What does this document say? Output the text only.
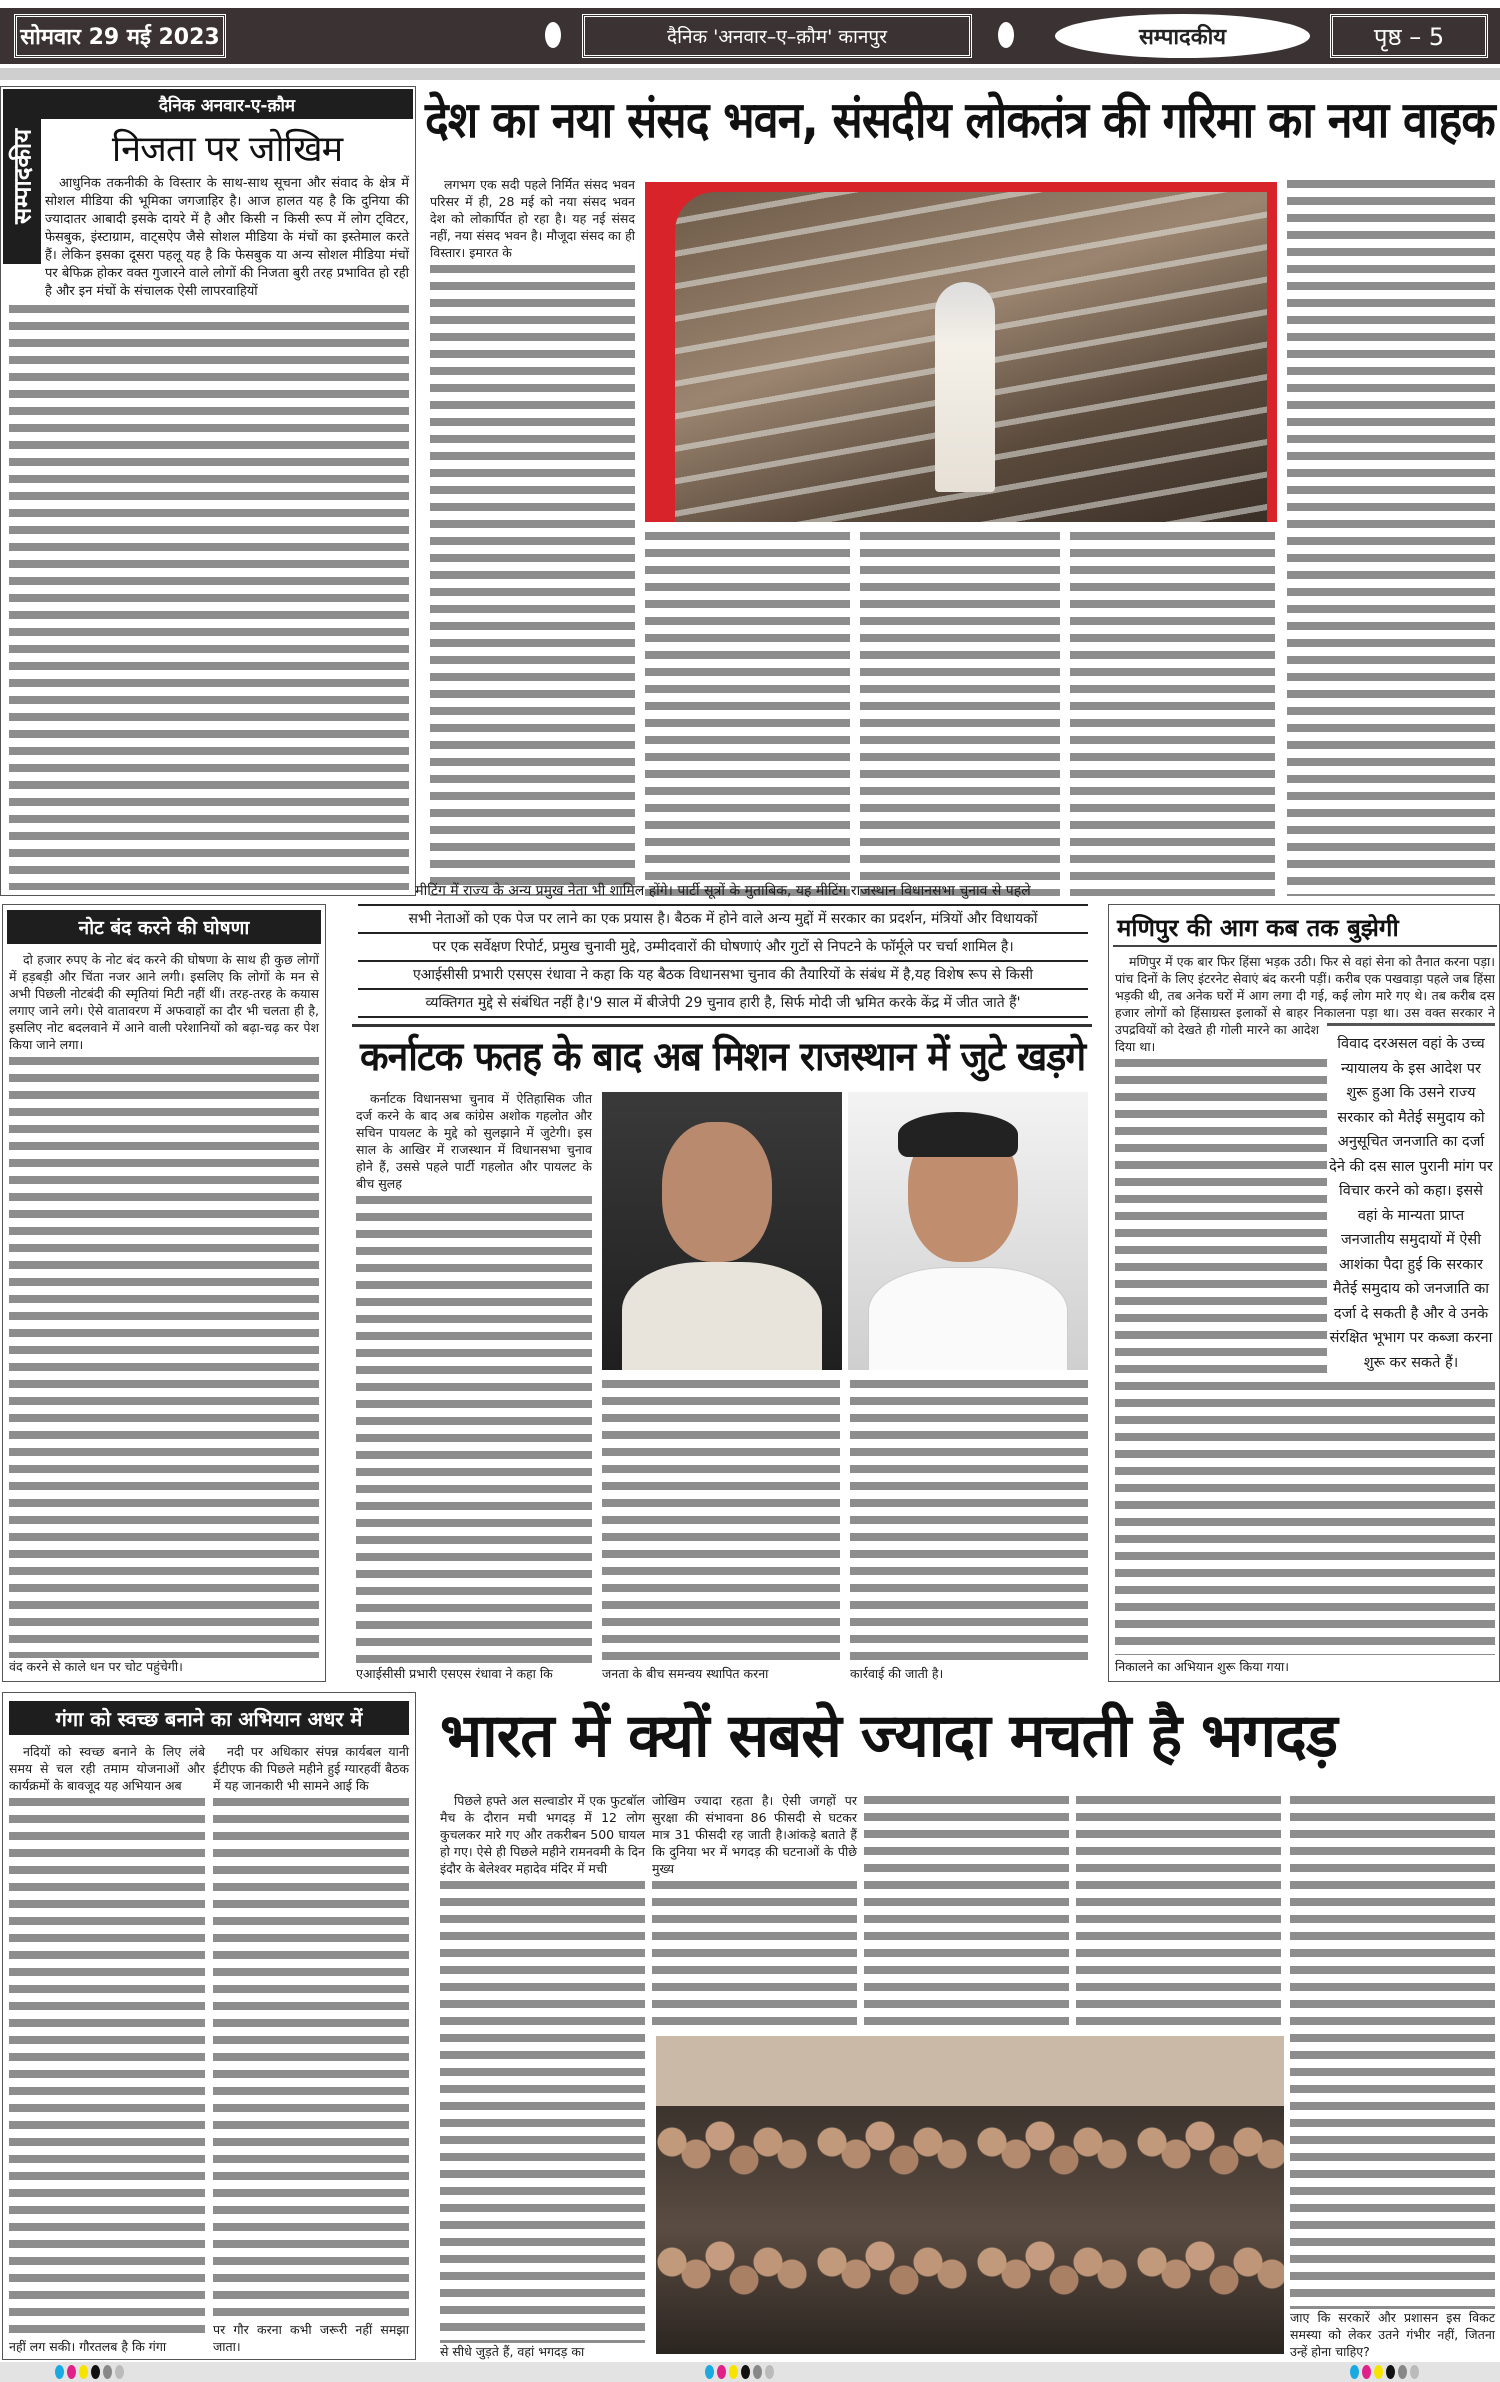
सोमवार 29 मई 2023	दैनिक 'अनवार–ए–क़ौम' कानपुर	सम्पादकीय	पृष्ठ – 5
दैनिक अनवार-ए-क़ौम
सम्पादकीय	निजता पर जोखिम

आधुनिक तकनीकी के विस्तार के साथ-साथ सूचना और संवाद के क्षेत्र में सोशल मीडिया की भूमिका जगजाहिर है। आज हालत यह है कि दुनिया की ज्यादातर आबादी इसके दायरे में है और किसी न किसी रूप में लोग ट्विटर, फेसबुक, इंस्टाग्राम, वाट्सऐप जैसे सोशल मीडिया के मंचों का इस्तेमाल करते हैं। लेकिन इसका दूसरा पहलू यह है कि फेसबुक या अन्य सोशल मीडिया मंचों पर बेफिक्र होकर वक्त गुजारने वाले लोगों की निजता बुरी तरह प्रभावित हो रही है और इन मंचों के संचालक ऐसी लापरवाहियों

देश का नया संसद भवन, संसदीय लोकतंत्र की गरिमा का नया वाहक

लगभग एक सदी पहले निर्मित संसद भवन परिसर में ही, 28 मई को नया संसद भवन देश को लोकार्पित हो रहा है। यह नई संसद नहीं, नया संसद भवन है। मौजूदा संसद का ही विस्तार। इमारत के

नोट बंद करने की घोषणा

दो हजार रुपए के नोट बंद करने की घोषणा के साथ ही कुछ लोगों में हड़बड़ी और चिंता नजर आने लगी। इसलिए कि लोगों के मन से अभी पिछली नोटबंदी की स्मृतियां मिटी नहीं थीं। तरह-तरह के कयास लगाए जाने लगे। ऐसे वातावरण में अफवाहों का दौर भी चलता ही है, इसलिए नोट बदलवाने में आने वाली परेशानियों को बढ़ा-चढ़ कर पेश किया जाने लगा।

वंद करने से काले धन पर चोट पहुंचेगी।

मीटिंग में राज्य के अन्य प्रमुख नेता भी शामिल होंगे। पार्टी सूत्रों के मुताबिक, यह मीटिंग राजस्थान विधानसभा चुनाव से पहले
सभी नेताओं को एक पेज पर लाने का एक प्रयास है। बैठक में होने वाले अन्य मुद्दों में सरकार का प्रदर्शन, मंत्रियों और विधायकों
पर एक सर्वेक्षण रिपोर्ट, प्रमुख चुनावी मुद्दे, उम्मीदवारों की घोषणाएं और गुटों से निपटने के फॉर्मूले पर चर्चा शामिल है।
एआईसीसी प्रभारी एसएस रंधावा ने कहा कि यह बैठक विधानसभा चुनाव की तैयारियों के संबंध में है,यह विशेष रूप से किसी
व्यक्तिगत मुद्दे से संबंधित नहीं है।'9 साल में बीजेपी 29 चुनाव हारी है, सिर्फ मोदी जी भ्रमित करके केंद्र में जीत जाते हैं'
कर्नाटक फतह के बाद अब मिशन राजस्थान में जुटे खड़गे

कर्नाटक विधानसभा चुनाव में ऐतिहासिक जीत दर्ज करने के बाद अब कांग्रेस अशोक गहलोत और सचिन पायलट के मुद्दे को सुलझाने में जुटेगी। इस साल के आखिर में राजस्थान में विधानसभा चुनाव होने हैं, उससे पहले पार्टी गहलोत और पायलट के बीच सुलह

एआईसीसी प्रभारी एसएस रंधावा ने कहा कि	जनता के बीच समन्वय स्थापित करना	कार्रवाई की जाती है।

मणिपुर की आग कब तक बुझेगी
विवाद दरअसल वहां के उच्च न्यायालय के इस आदेश पर शुरू हुआ कि उसने राज्य सरकार को मैतेई समुदाय को अनुसूचित जनजाति का दर्जा देने की दस साल पुरानी मांग पर विचार करने को कहा। इससे वहां के मान्यता प्राप्त जनजातीय समुदायों में ऐसी आशंका पैदा हुई कि सरकार मैतेई समुदाय को जनजाति का दर्जा दे सकती है और वे उनके संरक्षित भूभाग पर कब्जा करना शुरू कर सकते हैं।

मणिपुर में एक बार फिर हिंसा भड़क उठी। फिर से वहां सेना को तैनात करना पड़ा। पांच दिनों के लिए इंटरनेट सेवाएं बंद करनी पड़ीं। करीब एक पखवाड़ा पहले जब हिंसा भड़की थी, तब अनेक घरों में आग लगा दी गई, कई लोग मारे गए थे। तब करीब दस हजार लोगों को हिंसाग्रस्त इलाकों से बाहर निकालना पड़ा था। उस वक्त सरकार ने उपद्रवियों को देखते ही गोली मारने का आदेश दिया था।

निकालने का अभियान शुरू किया गया।

गंगा को स्वच्छ बनाने का अभियान अधर में

नदियों को स्वच्छ बनाने के लिए लंबे समय से चल रही तमाम योजनाओं और कार्यक्रमों के बावजूद यह अभियान अब

नहीं लग सकी। गौरतलब है कि गंगा

नदी पर अधिकार संपन्न कार्यबल यानी ईटीएफ की पिछले महीने हुई ग्यारहवीं बैठक में यह जानकारी भी सामने आई कि

पर गौर करना कभी जरूरी नहीं समझा जाता।

भारत में क्यों सबसे ज्यादा मचती है भगदड़

पिछले हफ्ते अल सल्वाडोर में एक फुटबॉल मैच के दौरान मची भगदड़ में 12 लोग कुचलकर मारे गए और तकरीबन 500 घायल हो गए। ऐसे ही पिछले महीने रामनवमी के दिन इंदौर के बेलेश्वर महादेव मंदिर में मची

से सीधे जुड़ते हैं, वहां भगदड़ का

जोखिम ज्यादा रहता है। ऐसी जगहों पर सुरक्षा की संभावना 86 फीसदी से घटकर मात्र 31 फीसदी रह जाती है।आंकड़े बताते हैं कि दुनिया भर में भगदड़ की घटनाओं के पीछे मुख्य

जाए कि सरकारें और प्रशासन इस विकट समस्या को लेकर उतने गंभीर नहीं, जितना उन्हें होना चाहिए?
